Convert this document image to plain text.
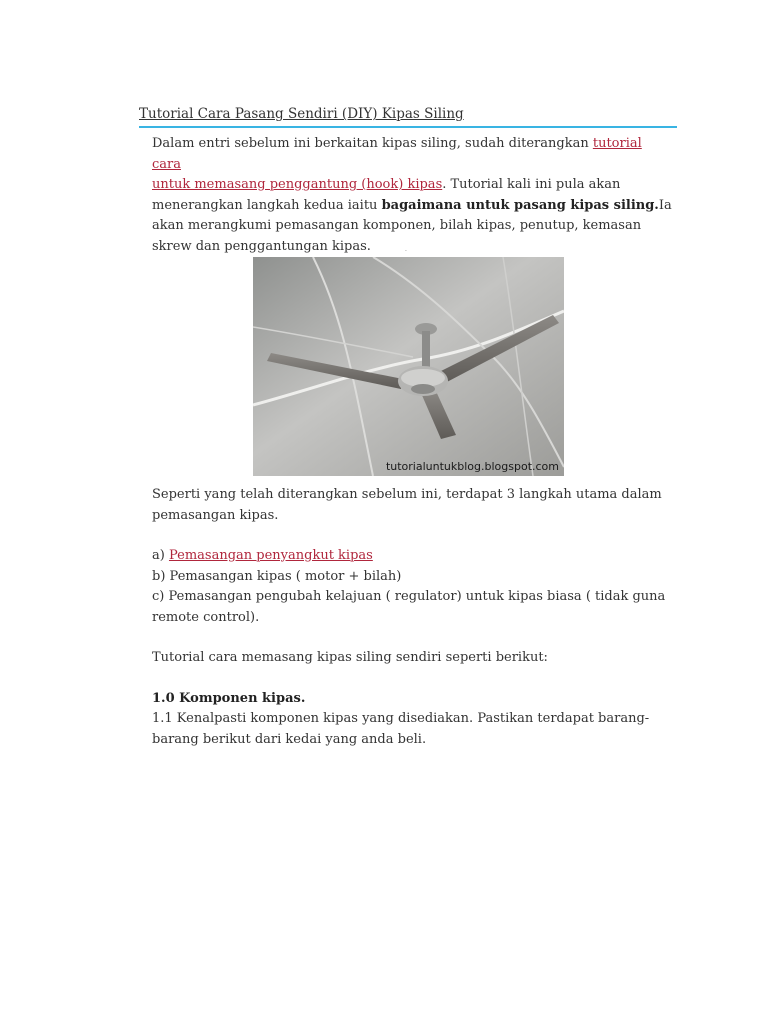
Tutorial Cara Pasang Sendiri (DIY) Kipas Siling
Dalam entri sebelum ini berkaitan kipas siling, sudah diterangkan tutorial cara
untuk memasang penggantung (hook) kipas. Tutorial kali ini pula akan menerangkan langkah kedua iaitu bagaimana untuk pasang kipas siling.Ia akan merangkumi pemasangan komponen, bilah kipas, penutup, kemasan skrew dan penggantungan kipas.	.
tutorialuntukblog.blogspot.com
Seperti yang telah diterangkan sebelum ini, terdapat 3 langkah utama dalam pemasangan kipas.
a) Pemasangan penyangkut kipas
b) Pemasangan kipas ( motor + bilah)
c) Pemasangan pengubah kelajuan ( regulator) untuk kipas biasa ( tidak guna remote control).
Tutorial cara memasang kipas siling sendiri seperti berikut:
1.0 Komponen kipas.
1.1 Kenalpasti komponen kipas yang disediakan. Pastikan terdapat barang-barang berikut dari kedai yang anda beli.
